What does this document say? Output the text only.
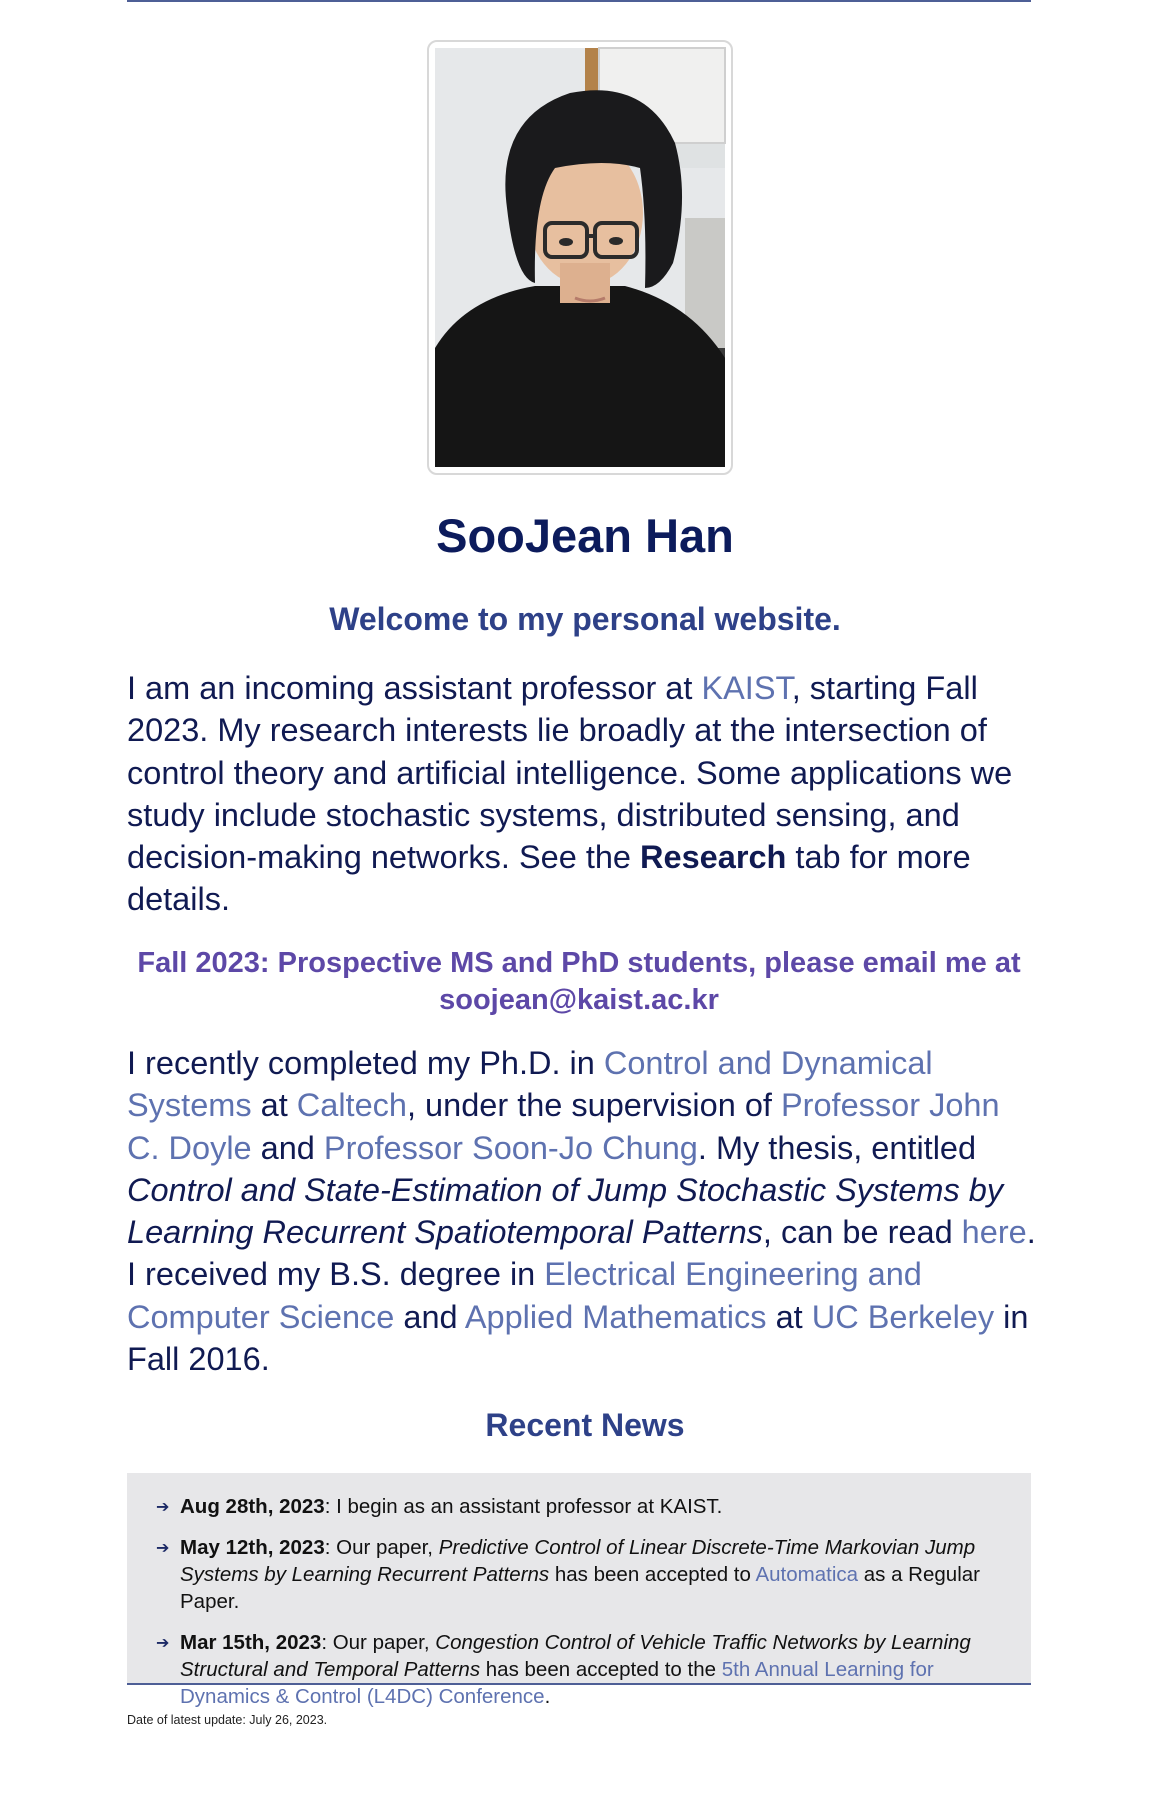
SooJean Han
Welcome to my personal website.

I am an incoming assistant professor at KAIST, starting Fall 2023. My research interests lie broadly at the intersection of control theory and artificial intelligence. Some applications we study include stochastic systems, distributed sensing, and decision-making networks. See the Research tab for more details.

Fall 2023: Prospective MS and PhD students, please email me at soojean@kaist.ac.kr

I recently completed my Ph.D. in Control and Dynamical Systems at Caltech, under the supervision of Professor John C. Doyle and Professor Soon-Jo Chung. My thesis, entitled Control and State-Estimation of Jump Stochastic Systems by Learning Recurrent Spatiotemporal Patterns, can be read here. I received my B.S. degree in Electrical Engineering and Computer Science and Applied Mathematics at UC Berkeley in Fall 2016.

Recent News
➔ Aug 28th, 2023: I begin as an assistant professor at KAIST.
➔ May 12th, 2023: Our paper, Predictive Control of Linear Discrete-Time Markovian Jump Systems by Learning Recurrent Patterns has been accepted to Automatica as a Regular Paper.
➔ Mar 15th, 2023: Our paper, Congestion Control of Vehicle Traffic Networks by Learning Structural and Temporal Patterns has been accepted to the 5th Annual Learning for Dynamics & Control (L4DC) Conference.
Date of latest update: July 26, 2023.
